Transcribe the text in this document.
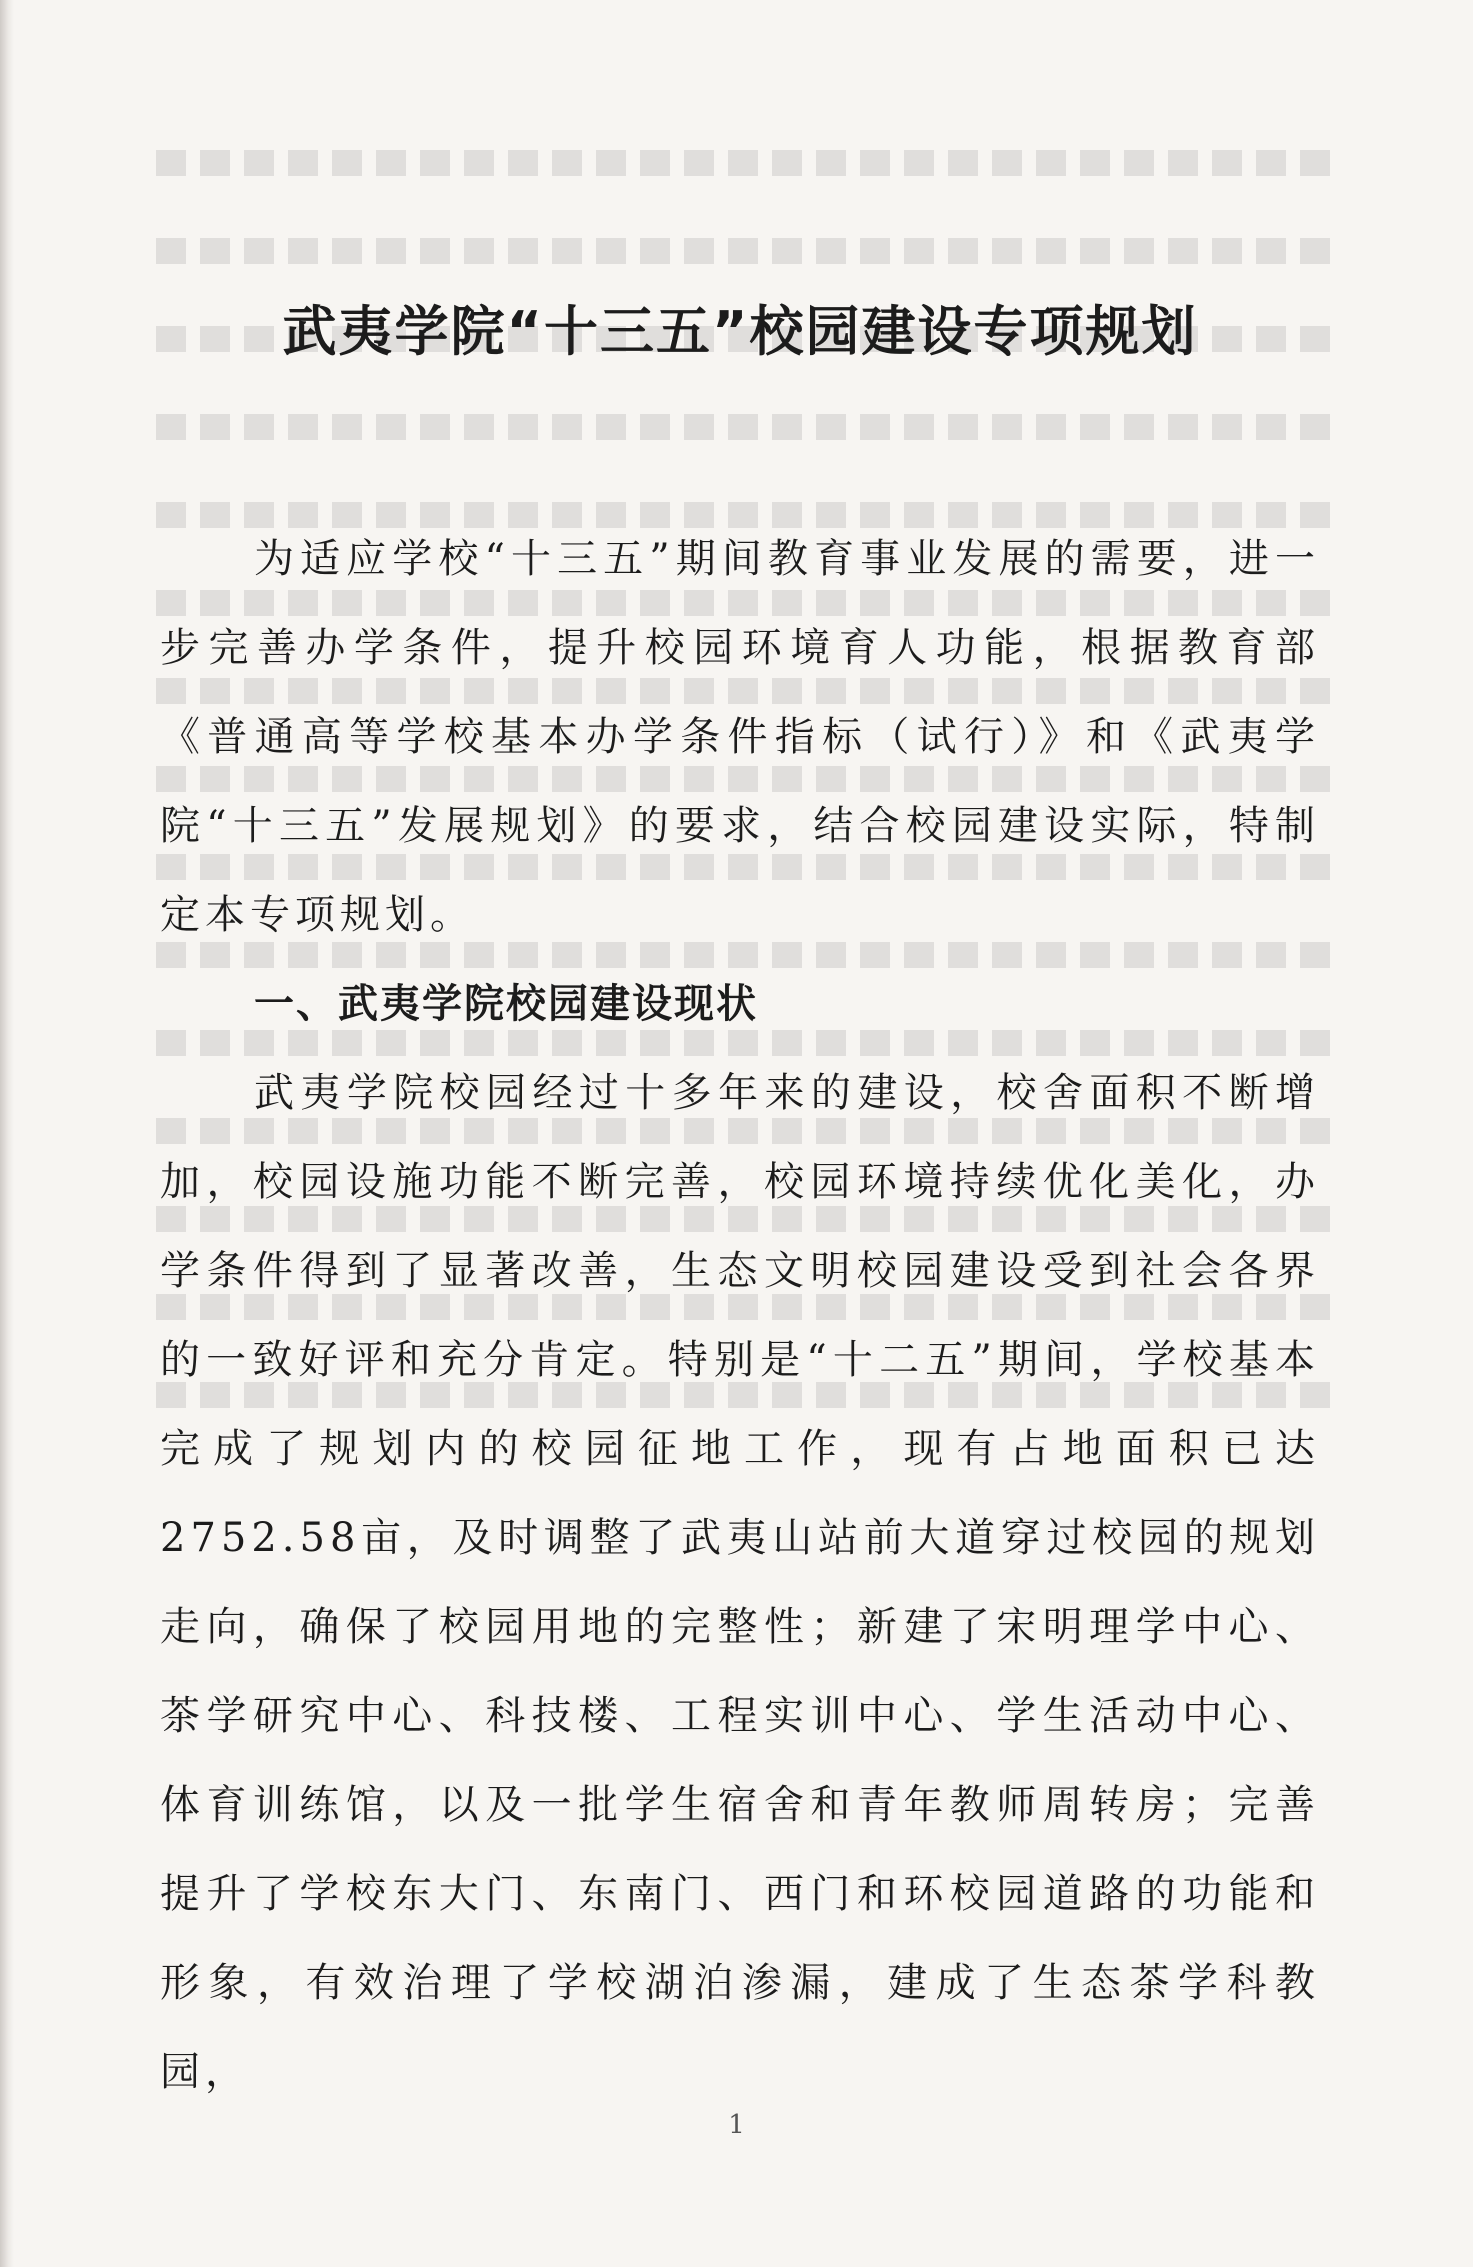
武夷学院“十三五”校园建设专项规划

为适应学校“十三五”期间教育事业发展的需要，进一步完善办学条件，提升校园环境育人功能，根据教育部《普通高等学校基本办学条件指标（试行）》和《武夷学院“十三五”发展规划》的要求，结合校园建设实际，特制定本专项规划。

一、武夷学院校园建设现状

武夷学院校园经过十多年来的建设，校舍面积不断增加，校园设施功能不断完善，校园环境持续优化美化，办学条件得到了显著改善，生态文明校园建设受到社会各界的一致好评和充分肯定。特别是“十二五”期间，学校基本完成了规划内的校园征地工作，现有占地面积已达2752.58亩，及时调整了武夷山站前大道穿过校园的规划走向，确保了校园用地的完整性；新建了宋明理学中心、茶学研究中心、科技楼、工程实训中心、学生活动中心、体育训练馆，以及一批学生宿舍和青年教师周转房；完善提升了学校东大门、东南门、西门和环校园道路的功能和形象，有效治理了学校湖泊渗漏，建成了生态茶学科教园，

1
